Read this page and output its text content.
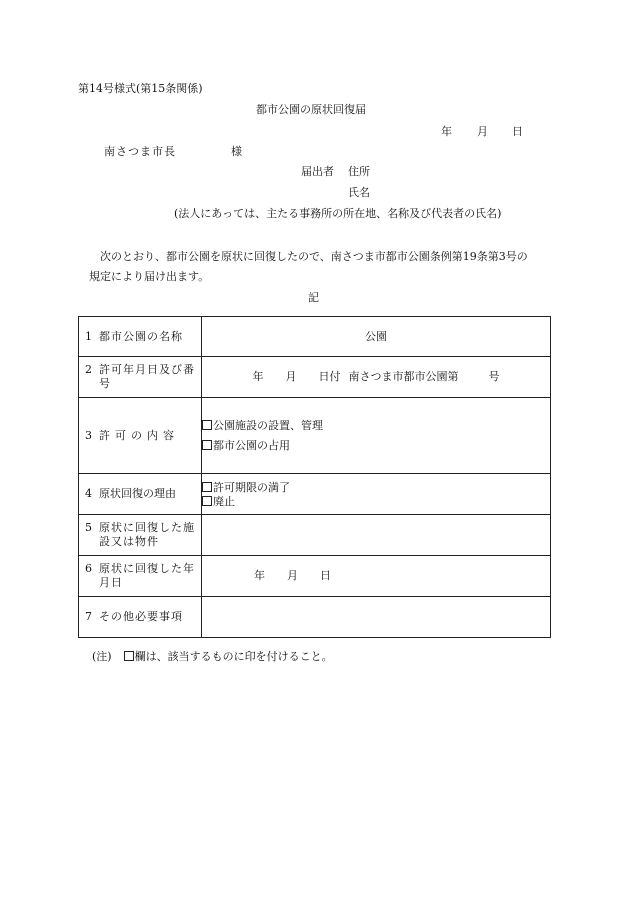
第14号様式(第15条関係)
都市公園の原状回復届
年 月 日
南さつま市長	様
届出者 住所
氏名
(法人にあっては、主たる事務所の所在地、名称及び代表者の氏名)
次のとおり、都市公園を原状に回復したので、南さつま市都市公園条例第19条第3号の
規定により届け出ます。
記
1 都市公園の名称	公園

2 許可年月日及び番号	年 月 日付 南さつま市都市公園第 号

3 許可の内容	公園施設の設置、管理
都市公園の占用

4 原状回復の理由	許可期限の満了
廃止

5 原状に回復した施設又は物件	

6 原状に回復した年月日	年 月 日

7 その他必要事項	

(注) 欄は、該当するものに印を付けること。
